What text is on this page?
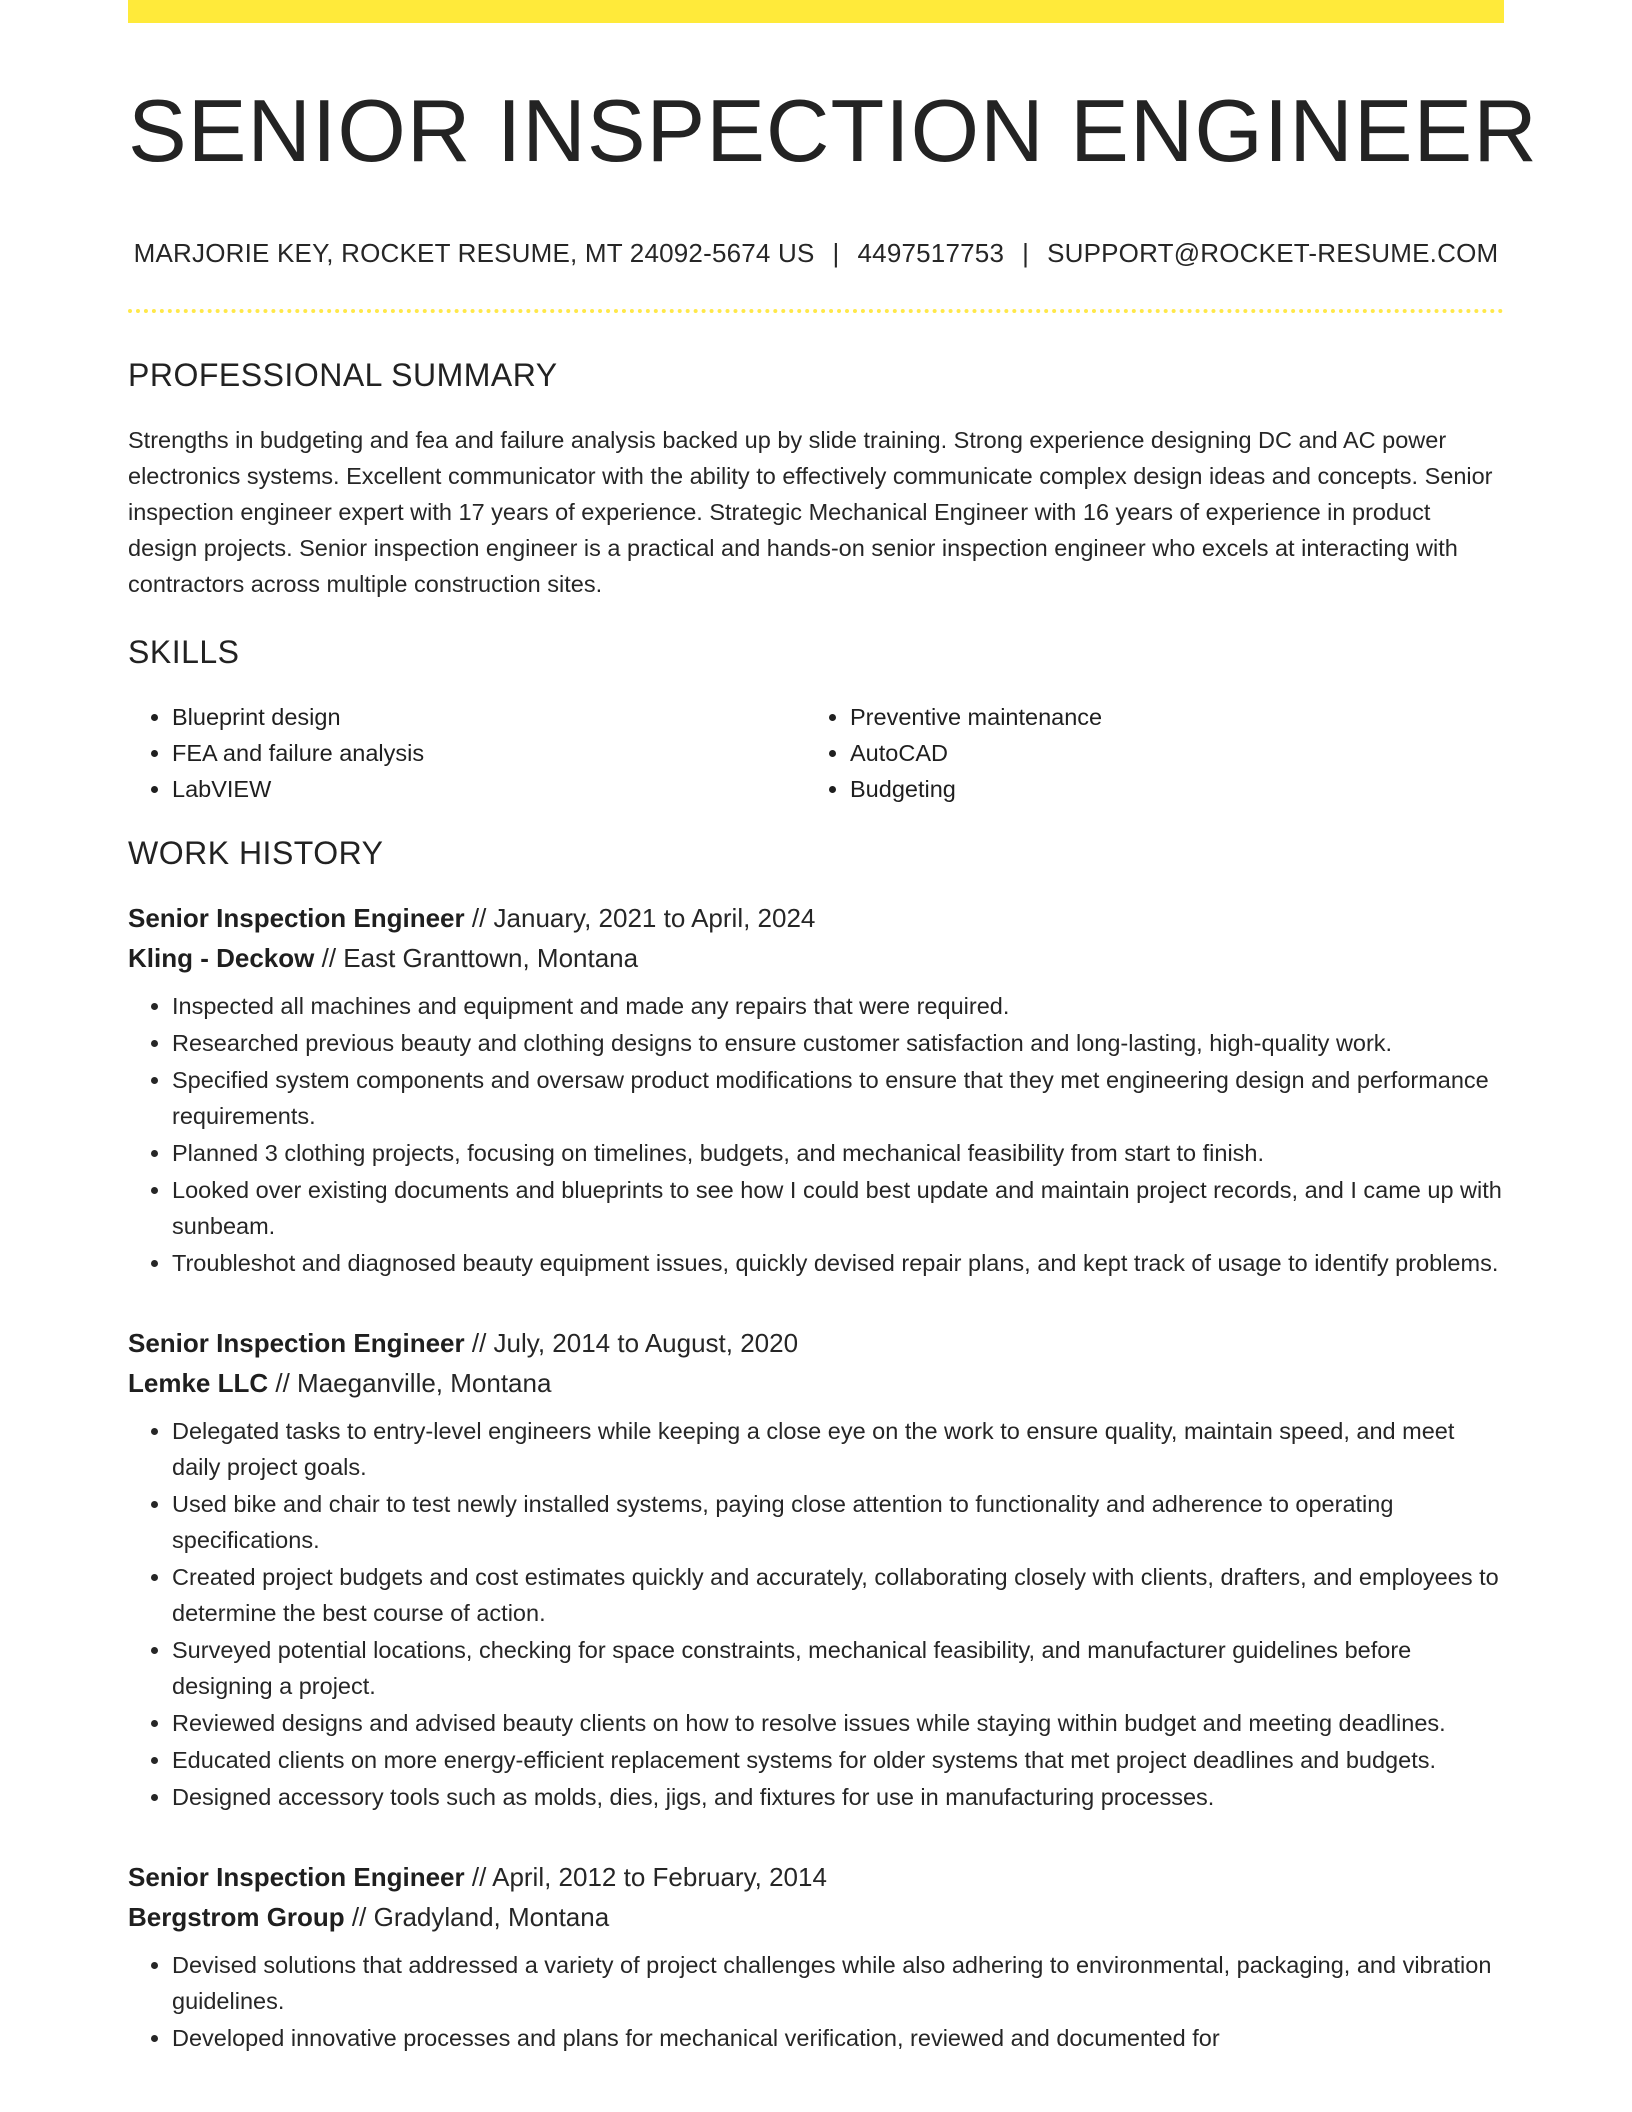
SENIOR INSPECTION ENGINEER
MARJORIE KEY, ROCKET RESUME, MT 24092-5674 US | 4497517753 | SUPPORT@ROCKET-RESUME.COM
PROFESSIONAL SUMMARY

Strengths in budgeting and fea and failure analysis backed up by slide training. Strong experience designing DC and AC power electronics systems. Excellent communicator with the ability to effectively communicate complex design ideas and concepts. Senior inspection engineer expert with 17 years of experience. Strategic Mechanical Engineer with 16 years of experience in product design projects. Senior inspection engineer is a practical and hands-on senior inspection engineer who excels at interacting with contractors across multiple construction sites.

SKILLS
• Blueprint design
• FEA and failure analysis
• LabVIEW
• Preventive maintenance
• AutoCAD
• Budgeting
WORK HISTORY
Senior Inspection Engineer // January, 2021 to April, 2024
Kling - Deckow // East Granttown, Montana
• Inspected all machines and equipment and made any repairs that were required.
• Researched previous beauty and clothing designs to ensure customer satisfaction and long-lasting, high-quality work.
• Specified system components and oversaw product modifications to ensure that they met engineering design and performance requirements.
• Planned 3 clothing projects, focusing on timelines, budgets, and mechanical feasibility from start to finish.
• Looked over existing documents and blueprints to see how I could best update and maintain project records, and I came up with sunbeam.
• Troubleshot and diagnosed beauty equipment issues, quickly devised repair plans, and kept track of usage to identify problems.
Senior Inspection Engineer // July, 2014 to August, 2020
Lemke LLC // Maeganville, Montana
• Delegated tasks to entry-level engineers while keeping a close eye on the work to ensure quality, maintain speed, and meet daily project goals.
• Used bike and chair to test newly installed systems, paying close attention to functionality and adherence to operating specifications.
• Created project budgets and cost estimates quickly and accurately, collaborating closely with clients, drafters, and employees to determine the best course of action.
• Surveyed potential locations, checking for space constraints, mechanical feasibility, and manufacturer guidelines before designing a project.
• Reviewed designs and advised beauty clients on how to resolve issues while staying within budget and meeting deadlines.
• Educated clients on more energy-efficient replacement systems for older systems that met project deadlines and budgets.
• Designed accessory tools such as molds, dies, jigs, and fixtures for use in manufacturing processes.
Senior Inspection Engineer // April, 2012 to February, 2014
Bergstrom Group // Gradyland, Montana
• Devised solutions that addressed a variety of project challenges while also adhering to environmental, packaging, and vibration guidelines.
• Developed innovative processes and plans for mechanical verification, reviewed and documented for
